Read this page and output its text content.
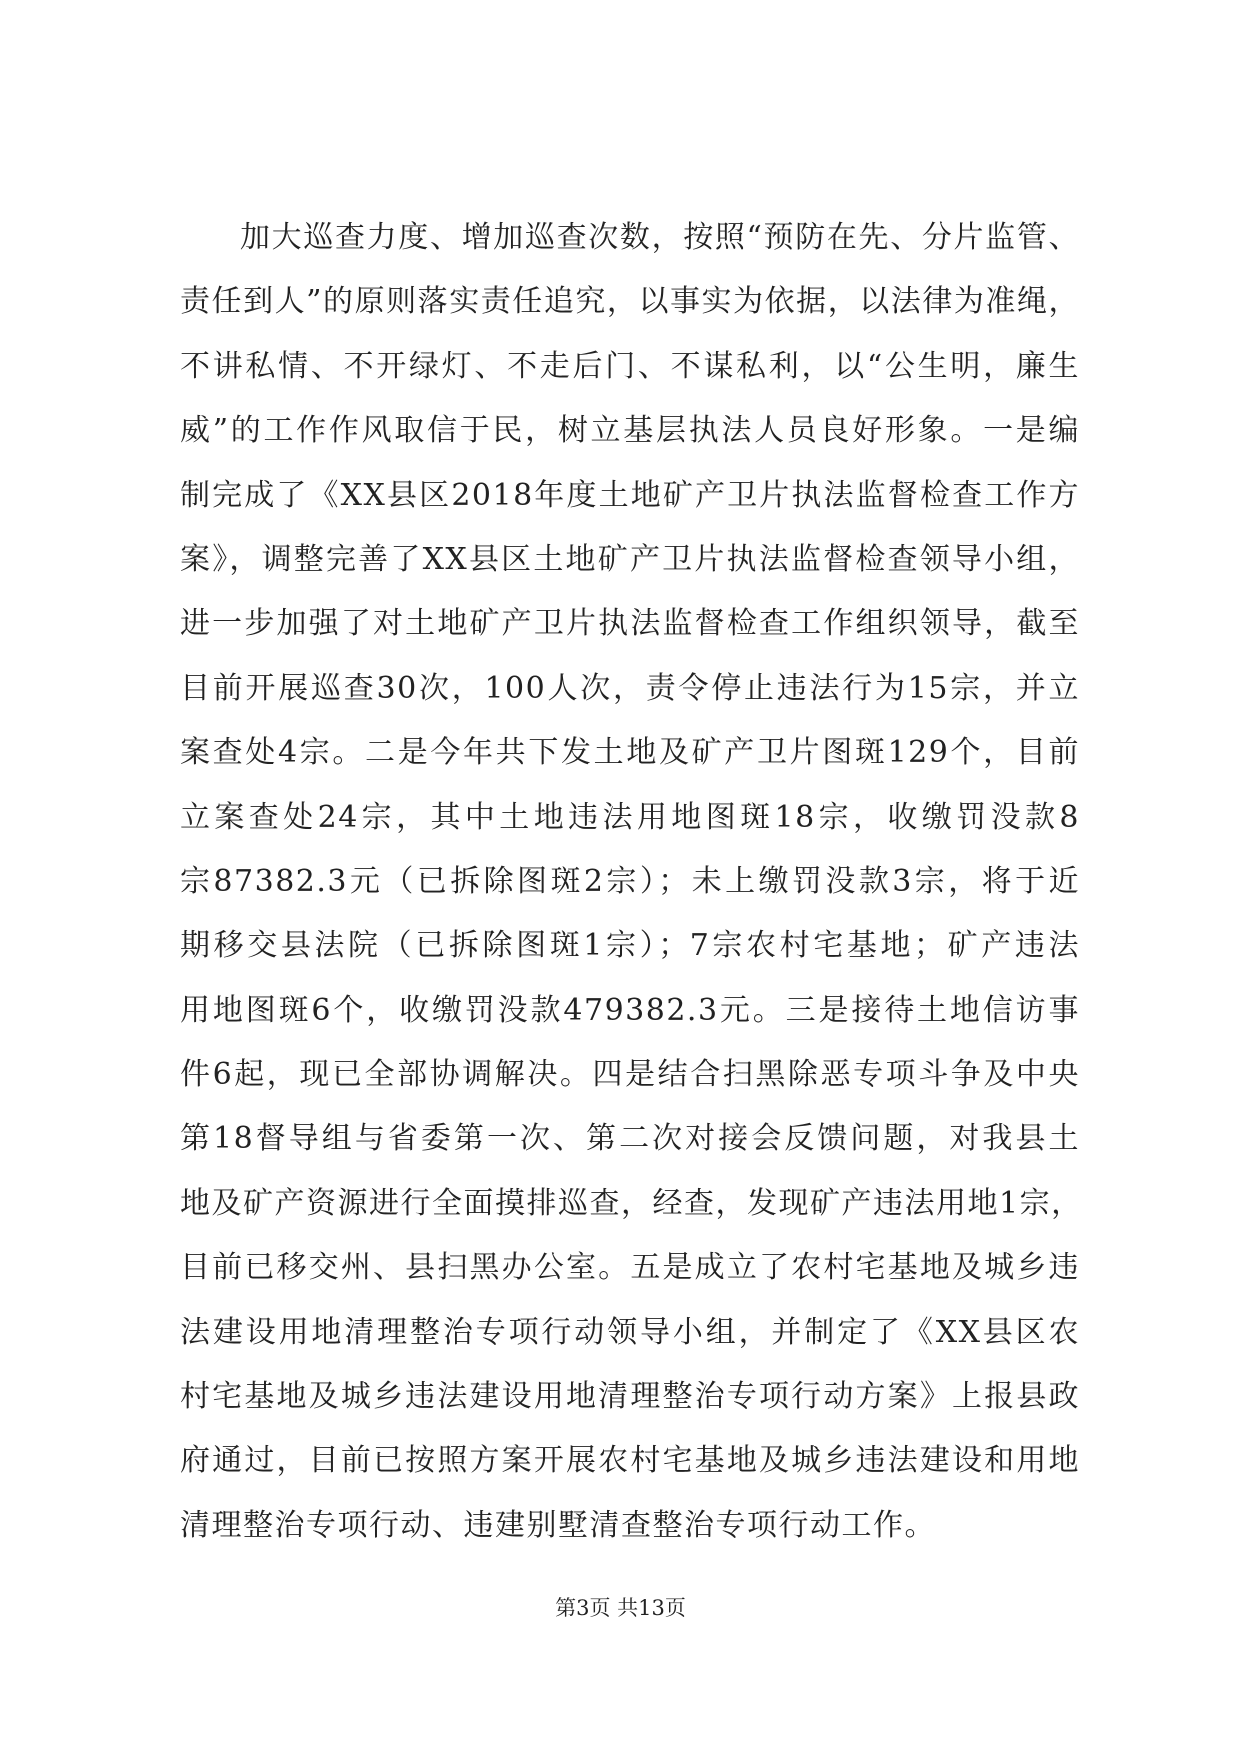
加大巡查力度、增加巡查次数，按照“预防在先、分片监管、

责任到人”的原则落实责任追究，以事实为依据，以法律为准绳，

不讲私情、不开绿灯、不走后门、不谋私利，以“公生明，廉生

威”的工作作风取信于民，树立基层执法人员良好形象。一是编

制完成了《XX县区2018年度土地矿产卫片执法监督检查工作方

案》，调整完善了XX县区土地矿产卫片执法监督检查领导小组，

进一步加强了对土地矿产卫片执法监督检查工作组织领导，截至

目前开展巡查30次，100人次，责令停止违法行为15宗，并立

案查处4宗。二是今年共下发土地及矿产卫片图斑129个，目前

立案查处24宗，其中土地违法用地图斑18宗，收缴罚没款8

宗87382.3元（已拆除图斑2宗）；未上缴罚没款3宗，将于近

期移交县法院（已拆除图斑1宗）；7宗农村宅基地；矿产违法

用地图斑6个，收缴罚没款479382.3元。三是接待土地信访事

件6起，现已全部协调解决。四是结合扫黑除恶专项斗争及中央

第18督导组与省委第一次、第二次对接会反馈问题，对我县土

地及矿产资源进行全面摸排巡查，经查，发现矿产违法用地1宗，

目前已移交州、县扫黑办公室。五是成立了农村宅基地及城乡违

法建设用地清理整治专项行动领导小组，并制定了《XX县区农

村宅基地及城乡违法建设用地清理整治专项行动方案》上报县政

府通过，目前已按照方案开展农村宅基地及城乡违法建设和用地

清理整治专项行动、违建别墅清查整治专项行动工作。

第3页 共13页
